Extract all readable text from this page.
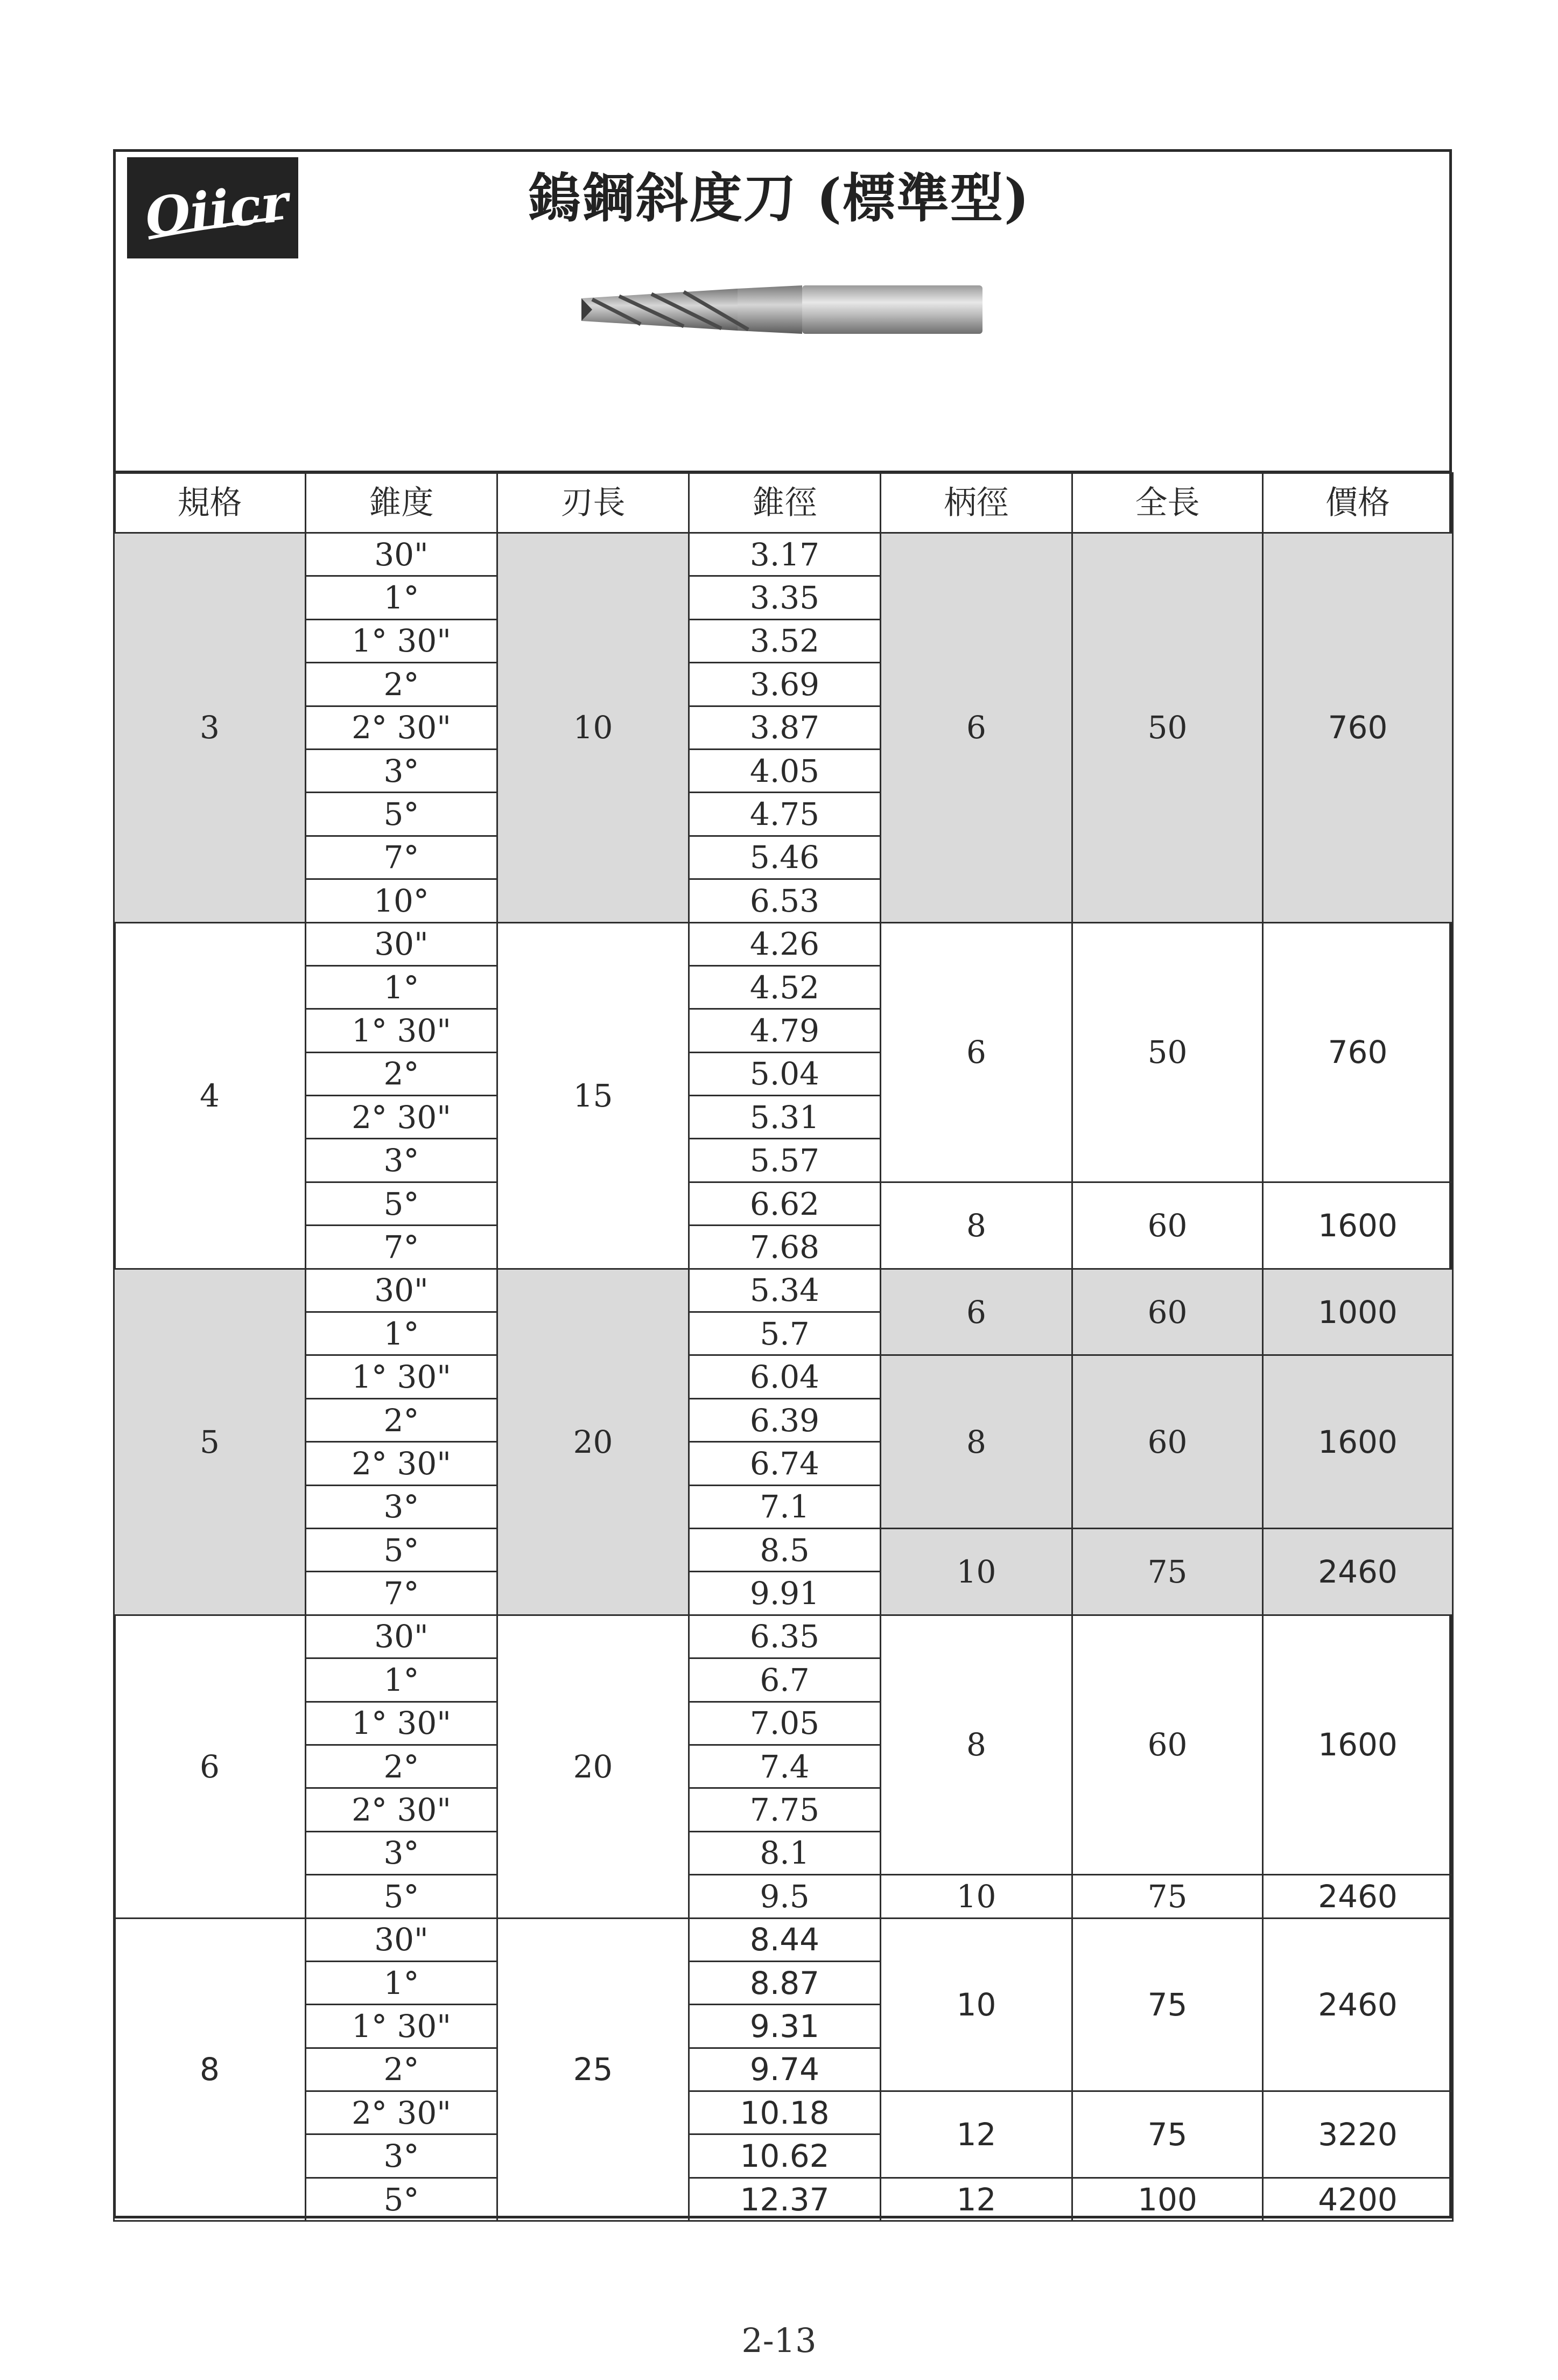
Oiicr	鎢鋼斜度刀 (標準型)
規格	錐度	刃長	錐徑	柄徑	全長	價格
3	30"	10	3.17	6	50	760
	1°		3.35			
	1° 30"		3.52			
	2°		3.69			
	2° 30"		3.87			
	3°		4.05			
	5°		4.75			
	7°		5.46			
	10°		6.53			
4	30"	15	4.26	6	50	760
	1°		4.52			
	1° 30"		4.79			
	2°		5.04			
	2° 30"		5.31			
	3°		5.57			
	5°		6.62	8	60	1600
	7°		7.68			
5	30"	20	5.34	6	60	1000
	1°		5.7			
	1° 30"		6.04	8	60	1600
	2°		6.39			
	2° 30"		6.74			
	3°		7.1			
	5°		8.5	10	75	2460
	7°		9.91			
6	30"	20	6.35	8	60	1600
	1°		6.7			
	1° 30"		7.05			
	2°		7.4			
	2° 30"		7.75			
	3°		8.1			
	5°		9.5	10	75	2460
8	30"	25	8.44	10	75	2460
	1°		8.87			
	1° 30"		9.31			
	2°		9.74			
	2° 30"		10.18	12	75	3220
	3°		10.62			
	5°		12.37	12	100	4200
2-13
